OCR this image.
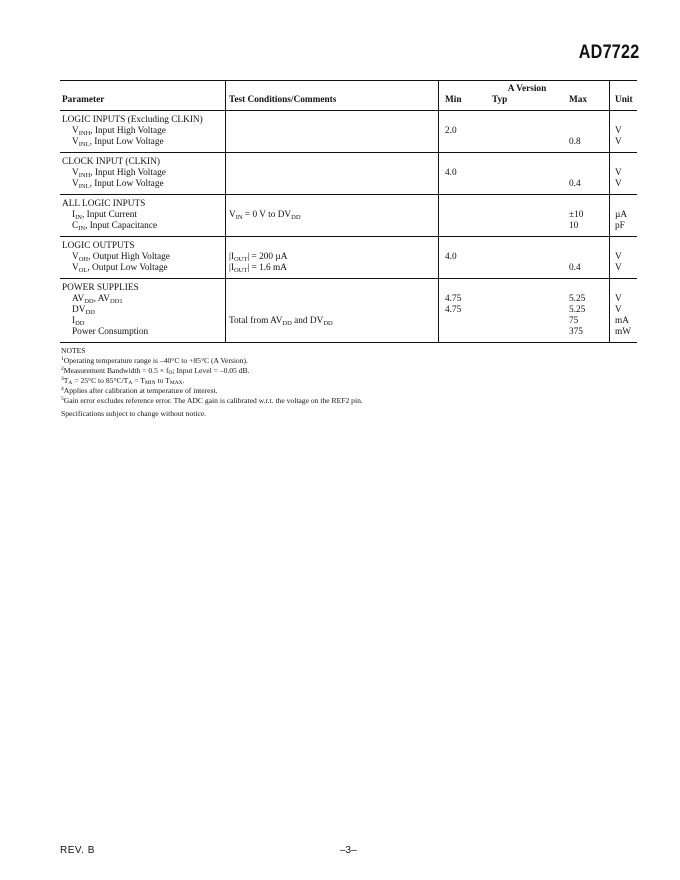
AD7722
		A Version			
Parameter	Test Conditions/Comments	Min	Typ	Max	Unit
LOGIC INPUTS (Excluding CLKIN)					
$V_{INH}$, Input High Voltage		2.0			V
$V_{INL}$, Input Low Voltage				0.8	V
CLOCK INPUT (CLKIN)					
$V_{INH}$, Input High Voltage		4.0			V
$V_{INL}$, Input Low Voltage				0.4	V
ALL LOGIC INPUTS					
$I_{IN}$, Input Current	$V_{IN} = 0$ V to $DV_{DD}$			±10	µA
$C_{IN}$, Input Capacitance				10	pF
LOGIC OUTPUTS					
$V_{OH}$, Output High Voltage	$|I_{OUT}| = 200$ µA	4.0			V
$V_{OL}$, Output Low Voltage	$|I_{OUT}| = 1.6$ mA			0.4	V
POWER SUPPLIES					
$AV_{DD}$, $AV_{DD1}$		4.75		5.25	V
$DV_{DD}$		4.75		5.25	V
$I_{DD}$	Total from $AV_{DD}$ and $DV_{DD}$			75	mA
Power Consumption				375	mW
NOTES
$^1$Operating temperature range is –40°C to +85°C (A Version).
$^2$Measurement Bandwidth = $0.5 \times f_O$; Input Level = –0.05 dB.
$^3T_A = 25^\circ C$ to $85^\circ C/T_A = T_{MIN}$ to $T_{MAX}$.
$^4$Applies after calibration at temperature of interest.
$^5$Gain error excludes reference error. The ADC gain is calibrated w.r.t. the voltage on the REF2 pin.
Specifications subject to change without notice.
REV. B	–3–
